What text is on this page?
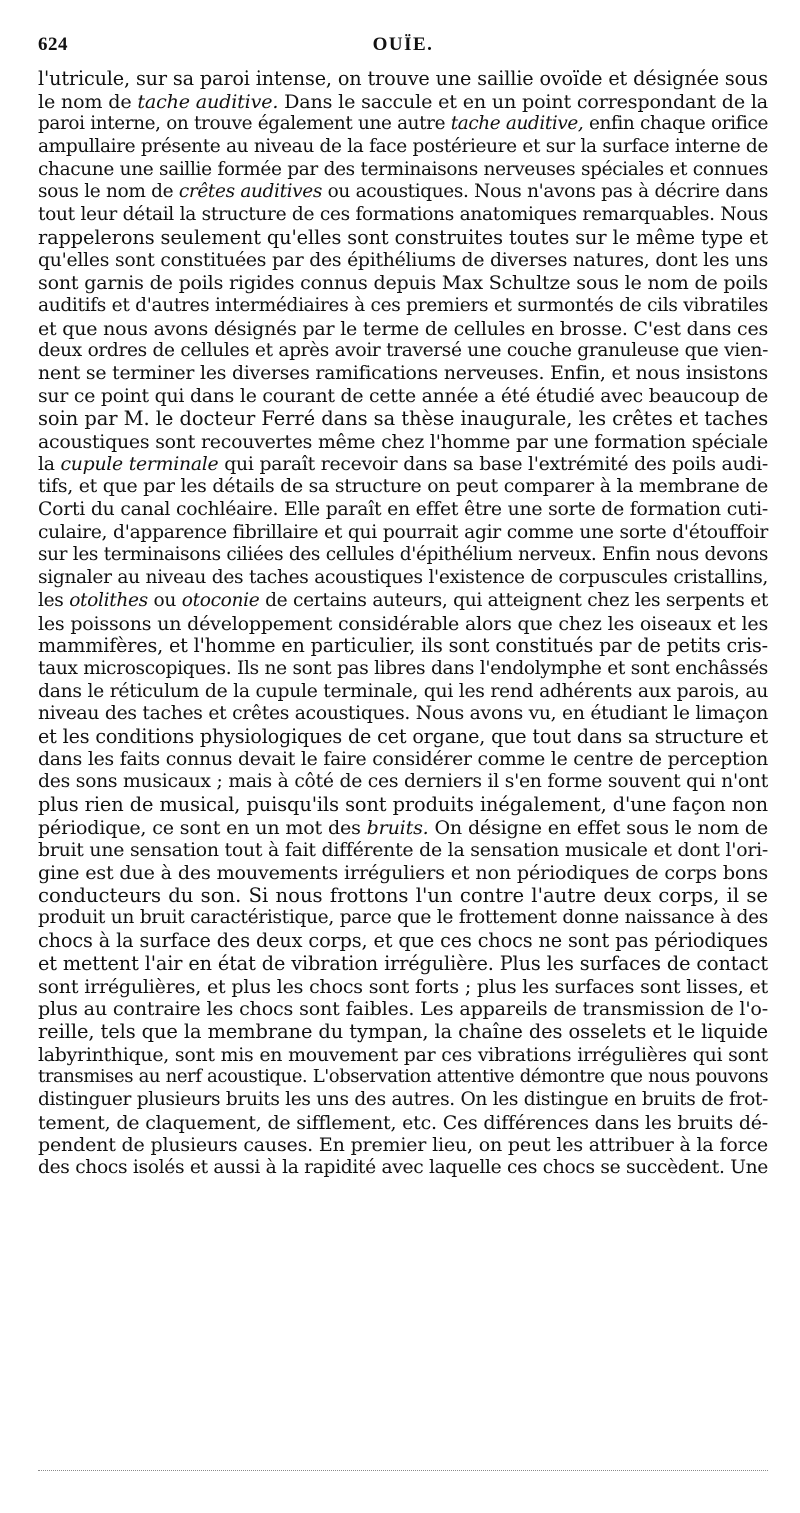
624	OUÏE.
l'utricule, sur sa paroi intense, on trouve une saillie ovoïde et désignée sous
le nom de tache auditive. Dans le saccule et en un point correspondant de la
paroi interne, on trouve également une autre tache auditive, enfin chaque orifice
ampullaire présente au niveau de la face postérieure et sur la surface interne de
chacune une saillie formée par des terminaisons nerveuses spéciales et connues
sous le nom de crêtes auditives ou acoustiques. Nous n'avons pas à décrire dans
tout leur détail la structure de ces formations anatomiques remarquables. Nous
rappelerons seulement qu'elles sont construites toutes sur le même type et
qu'elles sont constituées par des épithéliums de diverses natures, dont les uns
sont garnis de poils rigides connus depuis Max Schultze sous le nom de poils
auditifs et d'autres intermédiaires à ces premiers et surmontés de cils vibratiles
et que nous avons désignés par le terme de cellules en brosse. C'est dans ces
deux ordres de cellules et après avoir traversé une couche granuleuse que vien-
nent se terminer les diverses ramifications nerveuses. Enfin, et nous insistons
sur ce point qui dans le courant de cette année a été étudié avec beaucoup de
soin par M. le docteur Ferré dans sa thèse inaugurale, les crêtes et taches
acoustiques sont recouvertes même chez l'homme par une formation spéciale
la cupule terminale qui paraît recevoir dans sa base l'extrémité des poils audi-
tifs, et que par les détails de sa structure on peut comparer à la membrane de
Corti du canal cochléaire. Elle paraît en effet être une sorte de formation cuti-
culaire, d'apparence fibrillaire et qui pourrait agir comme une sorte d'étouffoir
sur les terminaisons ciliées des cellules d'épithélium nerveux. Enfin nous devons
signaler au niveau des taches acoustiques l'existence de corpuscules cristallins,
les otolithes ou otoconie de certains auteurs, qui atteignent chez les serpents et
les poissons un développement considérable alors que chez les oiseaux et les
mammifères, et l'homme en particulier, ils sont constitués par de petits cris-
taux microscopiques. Ils ne sont pas libres dans l'endolymphe et sont enchâssés
dans le réticulum de la cupule terminale, qui les rend adhérents aux parois, au
niveau des taches et crêtes acoustiques. Nous avons vu, en étudiant le limaçon
et les conditions physiologiques de cet organe, que tout dans sa structure et
dans les faits connus devait le faire considérer comme le centre de perception
des sons musicaux ; mais à côté de ces derniers il s'en forme souvent qui n'ont
plus rien de musical, puisqu'ils sont produits inégalement, d'une façon non
périodique, ce sont en un mot des bruits. On désigne en effet sous le nom de
bruit une sensation tout à fait différente de la sensation musicale et dont l'ori-
gine est due à des mouvements irréguliers et non périodiques de corps bons
conducteurs du son. Si nous frottons l'un contre l'autre deux corps, il se
produit un bruit caractéristique, parce que le frottement donne naissance à des
chocs à la surface des deux corps, et que ces chocs ne sont pas périodiques
et mettent l'air en état de vibration irrégulière. Plus les surfaces de contact
sont irrégulières, et plus les chocs sont forts ; plus les surfaces sont lisses, et
plus au contraire les chocs sont faibles. Les appareils de transmission de l'o-
reille, tels que la membrane du tympan, la chaîne des osselets et le liquide
labyrinthique, sont mis en mouvement par ces vibrations irrégulières qui sont
transmises au nerf acoustique. L'observation attentive démontre que nous pouvons
distinguer plusieurs bruits les uns des autres. On les distingue en bruits de frot-
tement, de claquement, de sifflement, etc. Ces différences dans les bruits dé-
pendent de plusieurs causes. En premier lieu, on peut les attribuer à la force
des chocs isolés et aussi à la rapidité avec laquelle ces chocs se succèdent. Une
